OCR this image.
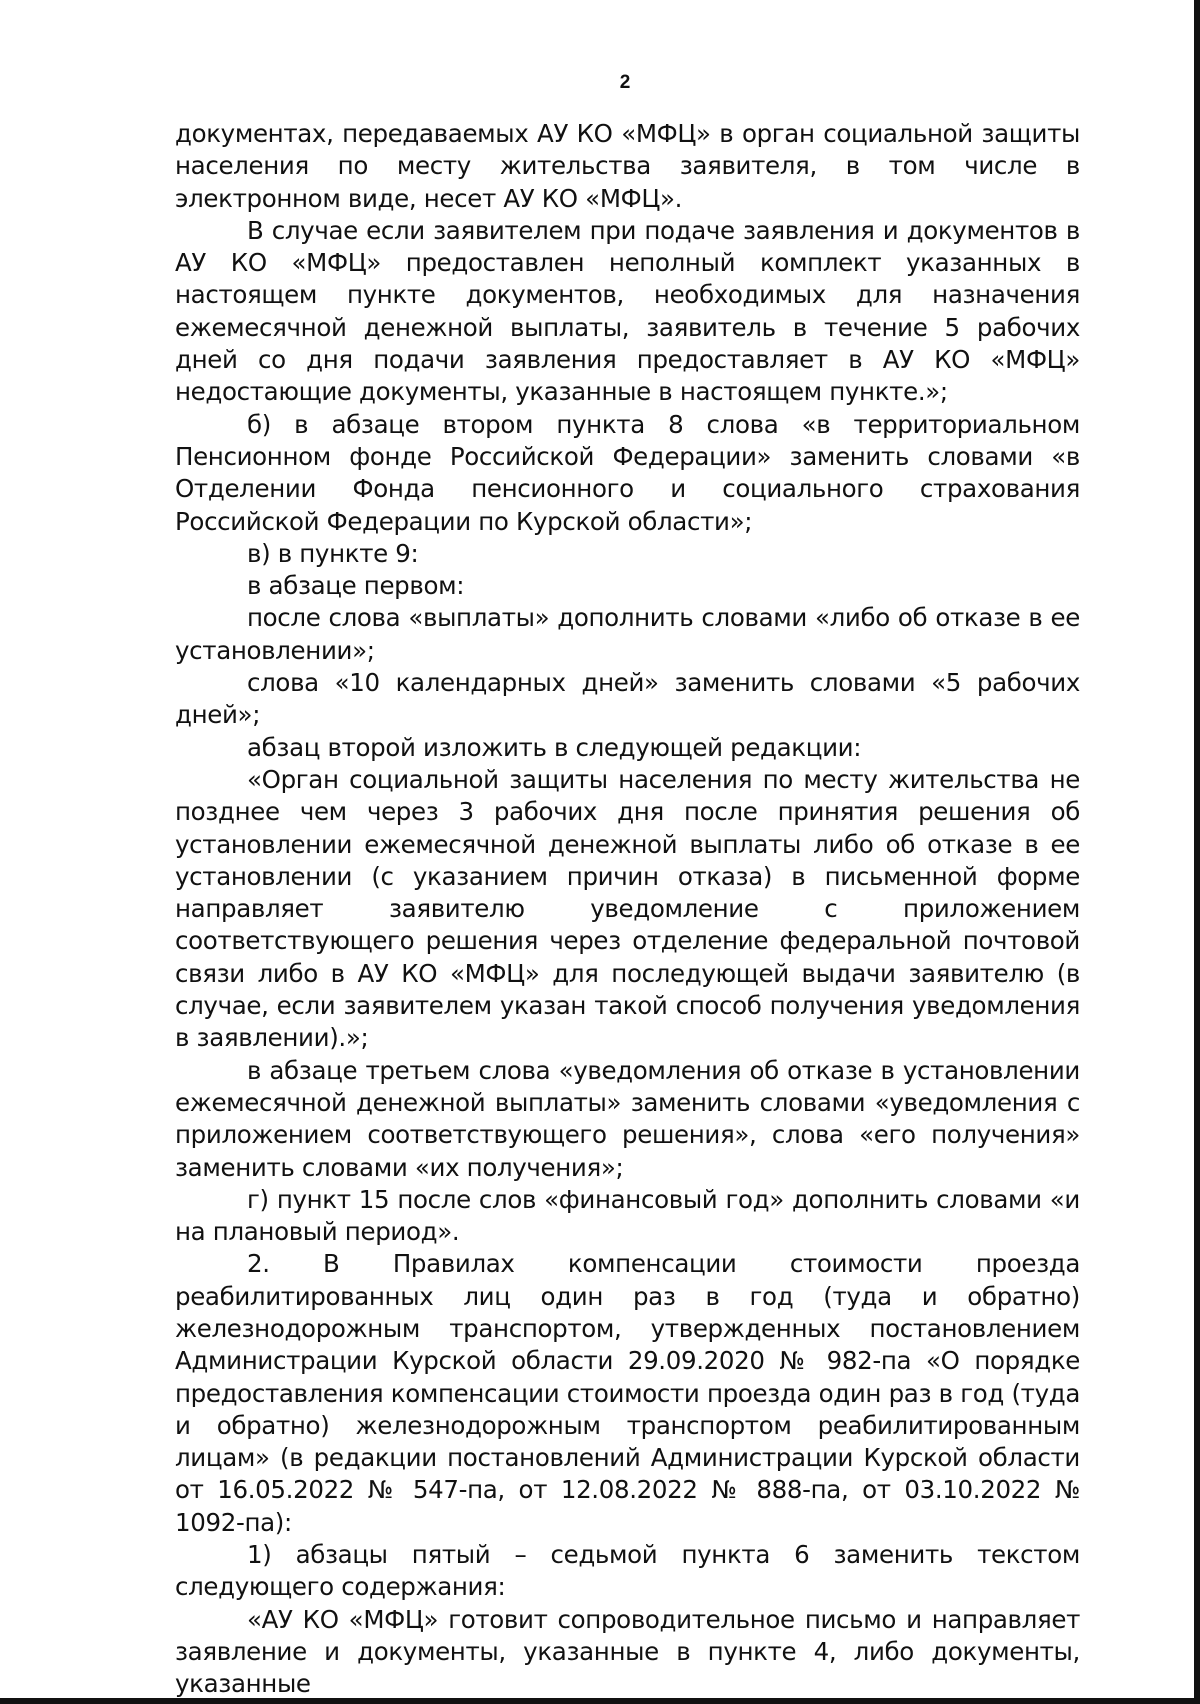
2

документах, передаваемых АУ КО «МФЦ» в орган социальной защиты населения по месту жительства заявителя, в том числе в электронном виде, несет АУ КО «МФЦ».

В случае если заявителем при подаче заявления и документов в АУ КО «МФЦ» предоставлен неполный комплект указанных в настоящем пункте документов, необходимых для назначения ежемесячной денежной выплаты, заявитель в течение 5 рабочих дней со дня подачи заявления предоставляет в АУ КО «МФЦ» недостающие документы, указанные в настоящем пункте.»;

б) в абзаце втором пункта 8 слова «в территориальном Пенсионном фонде Российской Федерации» заменить словами «в Отделении Фонда пенсионного и социального страхования Российской Федерации по Курской области»;

в) в пункте 9:

в абзаце первом:

после слова «выплаты» дополнить словами «либо об отказе в ее установлении»;

слова «10 календарных дней» заменить словами «5 рабочих дней»;

абзац второй изложить в следующей редакции:

«Орган социальной защиты населения по месту жительства не позднее чем через 3 рабочих дня после принятия решения об установлении ежемесячной денежной выплаты либо об отказе в ее установлении (с указанием причин отказа) в письменной форме направляет заявителю уведомление с приложением соответствующего решения через отделение федеральной почтовой связи либо в АУ КО «МФЦ» для последующей выдачи заявителю (в случае, если заявителем указан такой способ получения уведомления в заявлении).»;

в абзаце третьем слова «уведомления об отказе в установлении ежемесячной денежной выплаты» заменить словами «уведомления с приложением соответствующего решения», слова «его получения» заменить словами «их получения»;

г) пункт 15 после слов «финансовый год» дополнить словами «и на плановый период».

2. В Правилах компенсации стоимости проезда реабилитированных лиц один раз в год (туда и обратно) железнодорожным транспортом, утвержденных постановлением Администрации Курской области 29.09.2020 № 982-па «О порядке предоставления компенсации стоимости проезда один раз в год (туда и обратно) железнодорожным транспортом реабилитированным лицам» (в редакции постановлений Администрации Курской области от 16.05.2022 № 547-па, от 12.08.2022 № 888-па, от 03.10.2022 № 1092-па):

1) абзацы пятый – седьмой пункта 6 заменить текстом следующего содержания:

«АУ КО «МФЦ» готовит сопроводительное письмо и направляет заявление и документы, указанные в пункте 4, либо документы, указанные
